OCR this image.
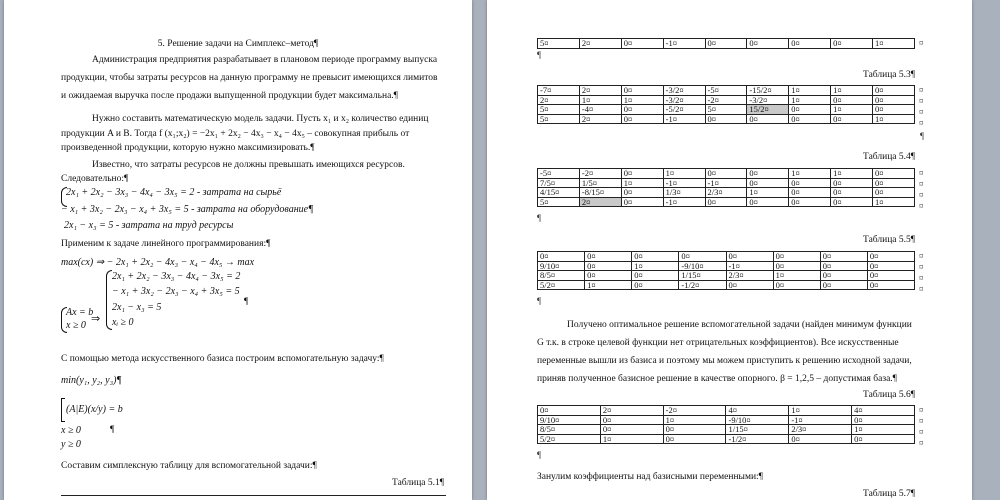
5. Решение задачи на Симплекс–метод¶
Администрация предприятия разрабатывает в плановом периоде программу выпуска
продукции, чтобы затраты ресурсов на данную программу не превысит имеющихся лимитов
и ожидаемая выручка после продажи выпущенной продукции будет максимальна.¶
Нужно составить математическую модель задачи. Пусть x₁ и x₂ количество единиц
продукции A и B. Тогда f (x₁;x₂) = −2x₁ + 2x₂ − 4x₃ − x₄ − 4x₅ – совокупная прибыль от
произведенной продукции, которую нужно максимизировать.¶
Известно, что затраты ресурсов не должны превышать имеющихся ресурсов.
Следовательно:¶
2x₁ + 2x₂ − 3x₃ − 4x₄ − 3x₅ = 2 - затрата на сырьё
− x₁ + 3x₂ − 2x₃ − x₄ + 3x₅ = 5 - затрата на оборудование¶
2x₁ − x₃ = 5 - затрата на труд ресурсы
Применим к задаче линейного программирования:¶
max(cx) ⇒ − 2x₁ + 2x₂ − 4x₃ − x₄ − 4x₅ → max
Ax = b
x ≥ 0
⇒
2x₁ + 2x₂ − 3x₃ − 4x₄ − 3x₅ = 2
− x₁ + 3x₂ − 2x₃ − x₄ + 3x₅ = 5
2x₁ − x₃ = 5
xᵢ ≥ 0
¶
С помощью метода искусственного базиса построим вспомогательную задачу:¶
min(y₁, y₂, y₃)¶
(A|E)(x/y) = b
x ≥ 0	¶
y ≥ 0
Составим симплексную таблицу для вспомогательной задачи:¶
Таблица 5.1¶
5¤	2¤	0¤	-1¤	0¤	0¤	0¤	0¤	1¤	¤
¶
Таблица 5.3¶
-7¤	2¤	0¤	-3/2¤	-5¤	-15/2¤	1¤	1¤	0¤
2¤	1¤	1¤	-3/2¤	-2¤	-3/2¤	1¤	0¤	0¤
5¤	-4¤	0¤	-5/2¤	5¤	15/2¤	0¤	1¤	0¤
5¤	2¤	0¤	-1¤	0¤	0¤	0¤	0¤	1¤
¤
¤
¤
¤
¶
Таблица 5.4¶
-5¤	-2¤	0¤	1¤	0¤	0¤	1¤	1¤	0¤
7/5¤	1/5¤	1¤	-1¤	-1¤	0¤	0¤	0¤	0¤
4/15¤	-8/15¤	0¤	1/3¤	2/3¤	1¤	0¤	0¤	0¤
5¤	2¤	0¤	-1¤	0¤	0¤	0¤	0¤	1¤
¤
¤
¤
¤
¶
Таблица 5.5¶
0¤	0¤	0¤	0¤	0¤	0¤	0¤	0¤
9/10¤	0¤	1¤	-9/10¤	-1¤	0¤	0¤	0¤
8/5¤	0¤	0¤	1/15¤	2/3¤	1¤	0¤	0¤
5/2¤	1¤	0¤	-1/2¤	0¤	0¤	0¤	0¤
¤
¤
¤
¤
¶
Получено оптимальное решение вспомогательной задачи (найден минимум функции
G т.к. в строке целевой функции нет отрицательных коэффициентов). Все искусственные
переменные вышли из базиса и поэтому мы можем приступить к решению исходной задачи,
приняв полученное базисное решение в качестве опорного. β = 1,2,5 – допустимая база.¶
Таблица 5.6¶
0¤	2¤	-2¤	4¤	1¤	4¤
9/10¤	0¤	1¤	-9/10¤	-1¤	0¤
8/5¤	0¤	0¤	1/15¤	2/3¤	1¤
5/2¤	1¤	0¤	-1/2¤	0¤	0¤
¤
¤
¤
¤
¶
Занулим коэффициенты над базисными переменными:¶
Таблица 5.7¶
